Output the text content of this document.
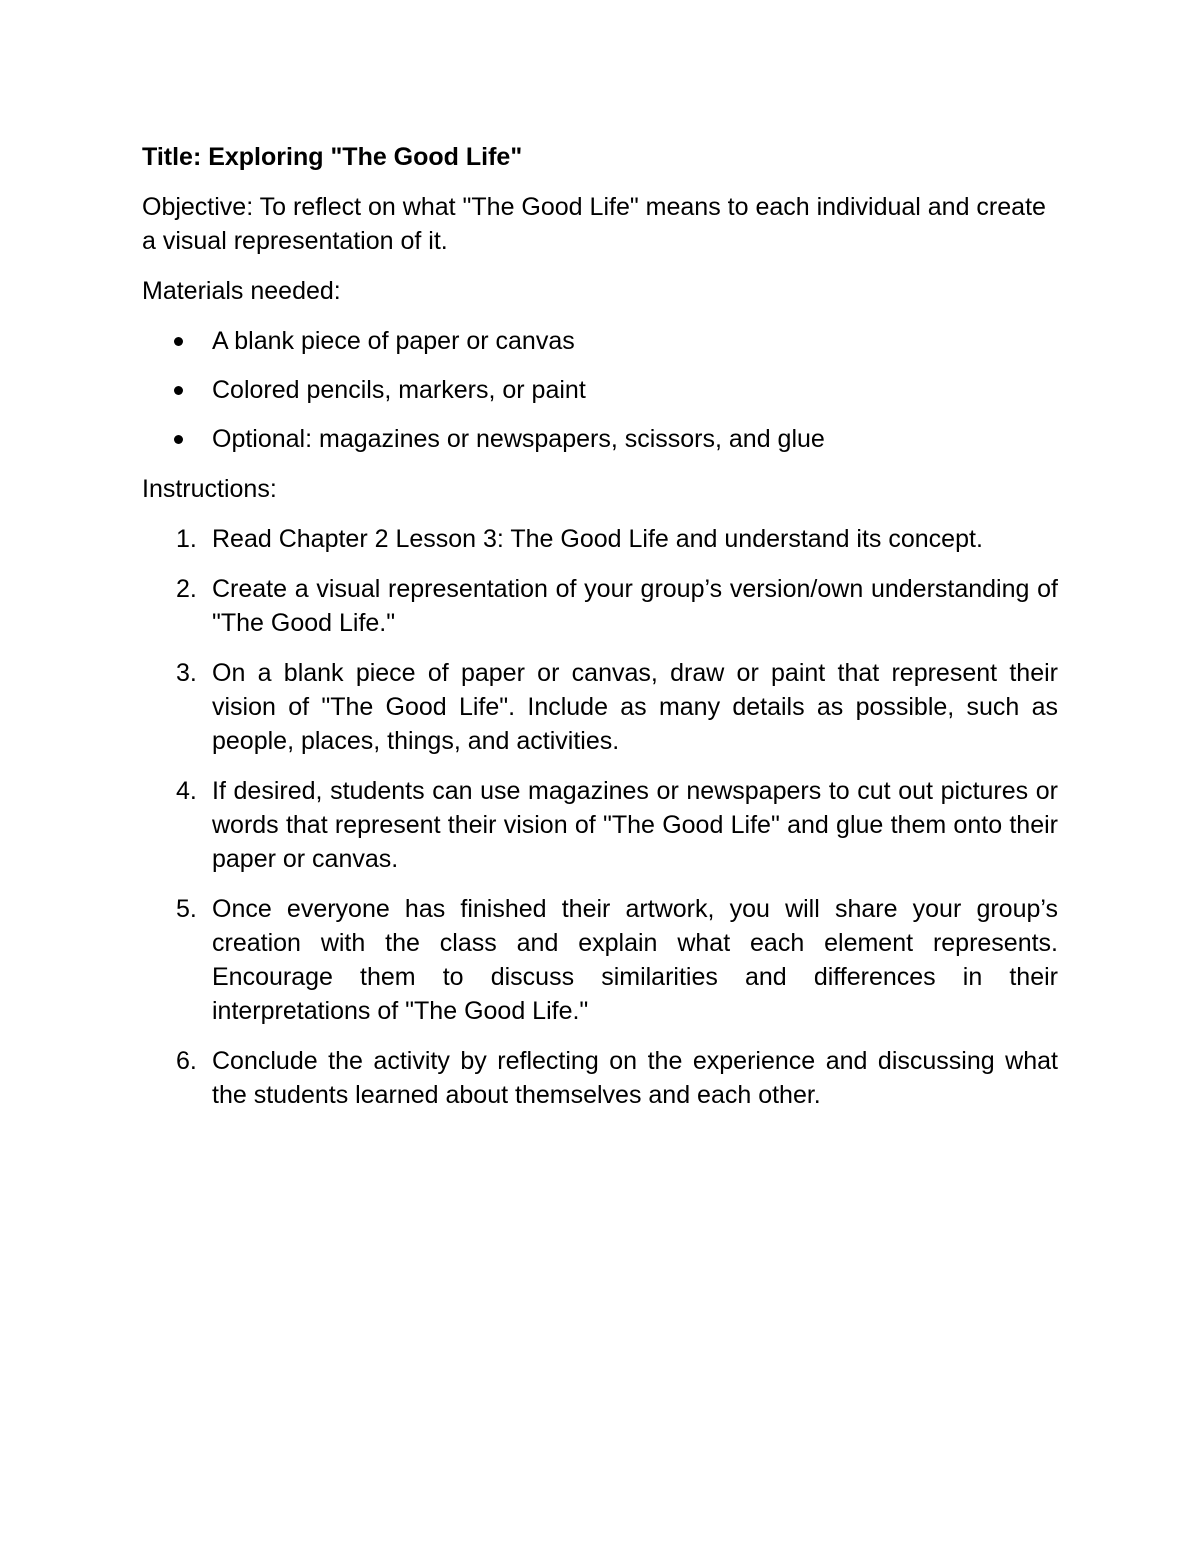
Title: Exploring "The Good Life"
Objective: To reflect on what "The Good Life" means to each individual and create a visual representation of it.
Materials needed:
A blank piece of paper or canvas
Colored pencils, markers, or paint
Optional: magazines or newspapers, scissors, and glue
Instructions:
1. Read Chapter 2 Lesson 3: The Good Life and understand its concept.
2. Create a visual representation of your group’s version/own understanding of "The Good Life."
3. On a blank piece of paper or canvas, draw or paint that represent their vision of "The Good Life". Include as many details as possible, such as people, places, things, and activities.
4. If desired, students can use magazines or newspapers to cut out pictures or words that represent their vision of "The Good Life" and glue them onto their paper or canvas.
5. Once everyone has finished their artwork, you will share your group’s creation with the class and explain what each element represents. Encourage them to discuss similarities and differences in their interpretations of "The Good Life."
6. Conclude the activity by reflecting on the experience and discussing what the students learned about themselves and each other.
